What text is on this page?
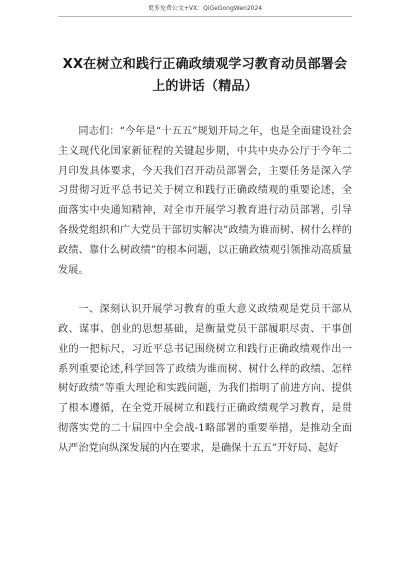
更多免费公文+VX：QiGeGongWen2024
XX在树立和践行正确政绩观学习教育动员部署会上的讲话（精品）

同志们：“今年是“十五五”规划开局之年，也是全面建设社会主义现代化国家新征程的关键起步期，中共中央办公厅于今年二月印发具体要求，今天我们召开动员部署会，主要任务是深入学习贯彻习近平总书记关于树立和践行正确政绩观的重要论述，全面落实中央通知精神，对全市开展学习教育进行动员部署，引导各级党组织和广大党员干部切实解决”政绩为谁而树、树什么样的政绩、靠什么树政绩”的根本问题，以正确政绩观引领推动高质量发展。

一、深刻认识开展学习教育的重大意义政绩观是党员干部从政、谋事、创业的思想基础，是衡量党员干部履职尽责、干事创业的一把标尺，习近平总书记围绕树立和践行正确政绩观作出一系列重要论述,科学回答了政绩为谁而树、树什么样的政绩、怎样树好政绩”等重大理论和实践问题，为我们指明了前进方向、提供了根本遵循，在全党开展树立和践行正确政绩观学习教育，是贯彻落实党的二十届四中全会战-1略部署的重要举措，是推动全面从严治党向纵深发展的内在要求，是确保十五五”开好局、起好
